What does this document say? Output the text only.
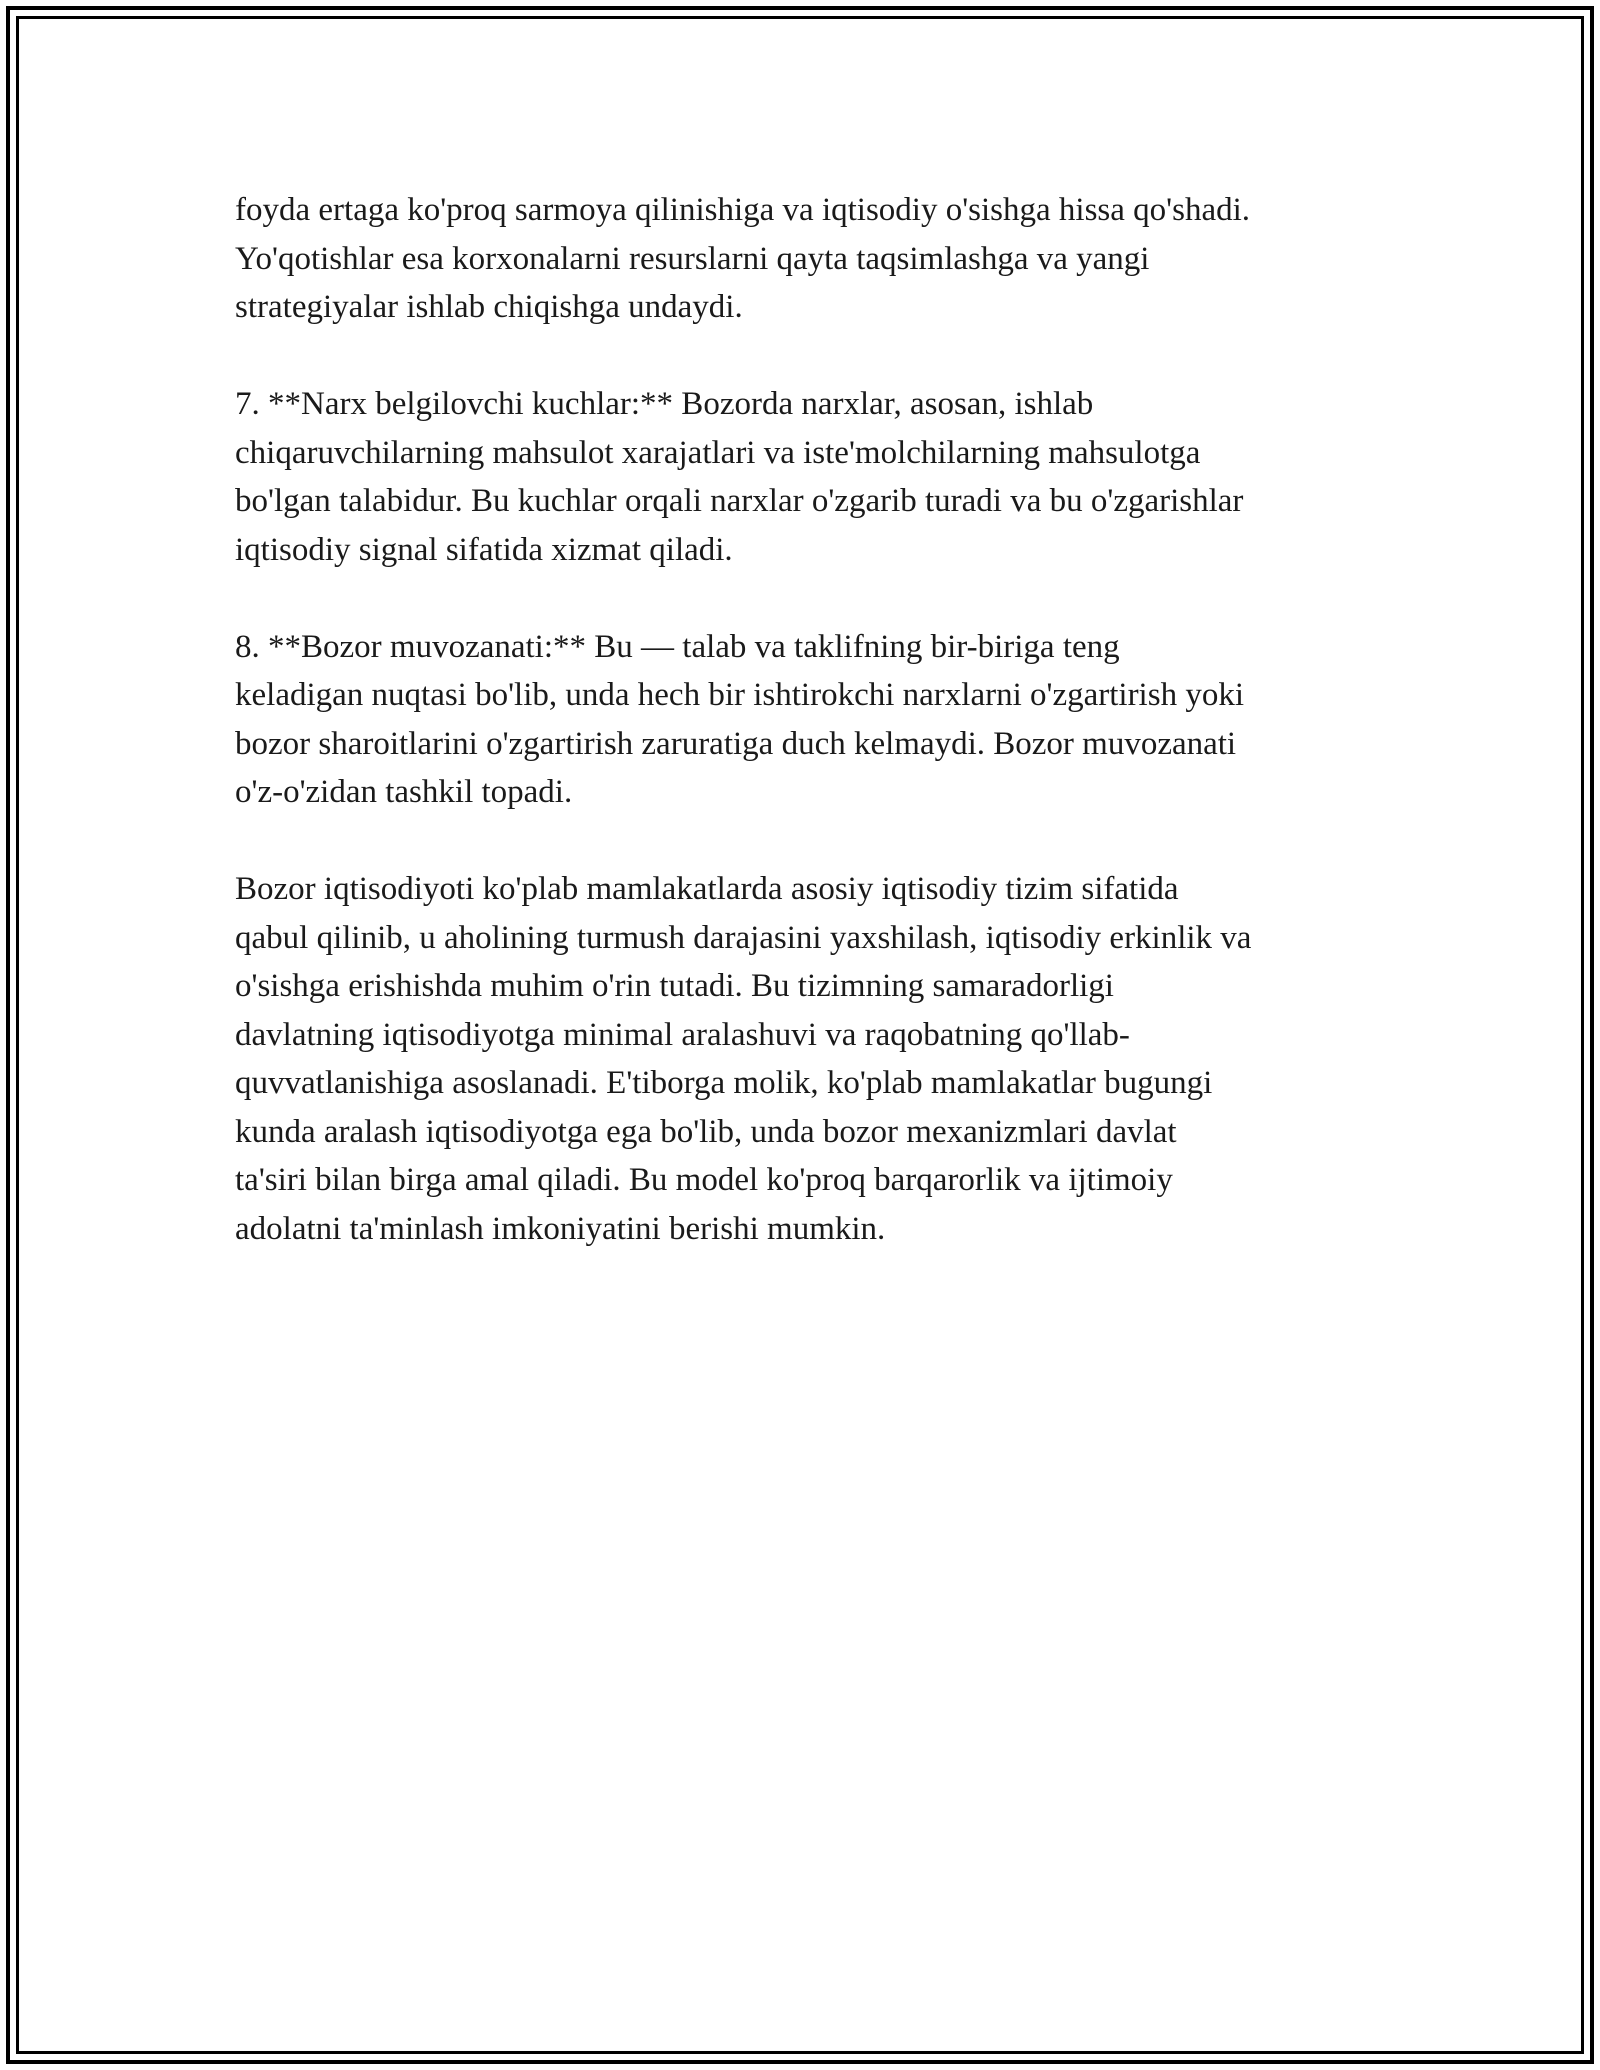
foyda ertaga ko'proq sarmoya qilinishiga va iqtisodiy o'sishga hissa qo'shadi.
Yo'qotishlar esa korxonalarni resurslarni qayta taqsimlashga va yangi
strategiyalar ishlab chiqishga undaydi.

7. **Narx belgilovchi kuchlar:** Bozorda narxlar, asosan, ishlab
chiqaruvchilarning mahsulot xarajatlari va iste'molchilarning mahsulotga
bo'lgan talabidur. Bu kuchlar orqali narxlar o'zgarib turadi va bu o'zgarishlar
iqtisodiy signal sifatida xizmat qiladi.

8. **Bozor muvozanati:** Bu — talab va taklifning bir-biriga teng
keladigan nuqtasi bo'lib, unda hech bir ishtirokchi narxlarni o'zgartirish yoki
bozor sharoitlarini o'zgartirish zaruratiga duch kelmaydi. Bozor muvozanati
o'z-o'zidan tashkil topadi.

Bozor iqtisodiyoti ko'plab mamlakatlarda asosiy iqtisodiy tizim sifatida
qabul qilinib, u aholining turmush darajasini yaxshilash, iqtisodiy erkinlik va
o'sishga erishishda muhim o'rin tutadi. Bu tizimning samaradorligi
davlatning iqtisodiyotga minimal aralashuvi va raqobatning qo'llab-
quvvatlanishiga asoslanadi. E'tiborga molik, ko'plab mamlakatlar bugungi
kunda aralash iqtisodiyotga ega bo'lib, unda bozor mexanizmlari davlat
ta'siri bilan birga amal qiladi. Bu model ko'proq barqarorlik va ijtimoiy
adolatni ta'minlash imkoniyatini berishi mumkin.
